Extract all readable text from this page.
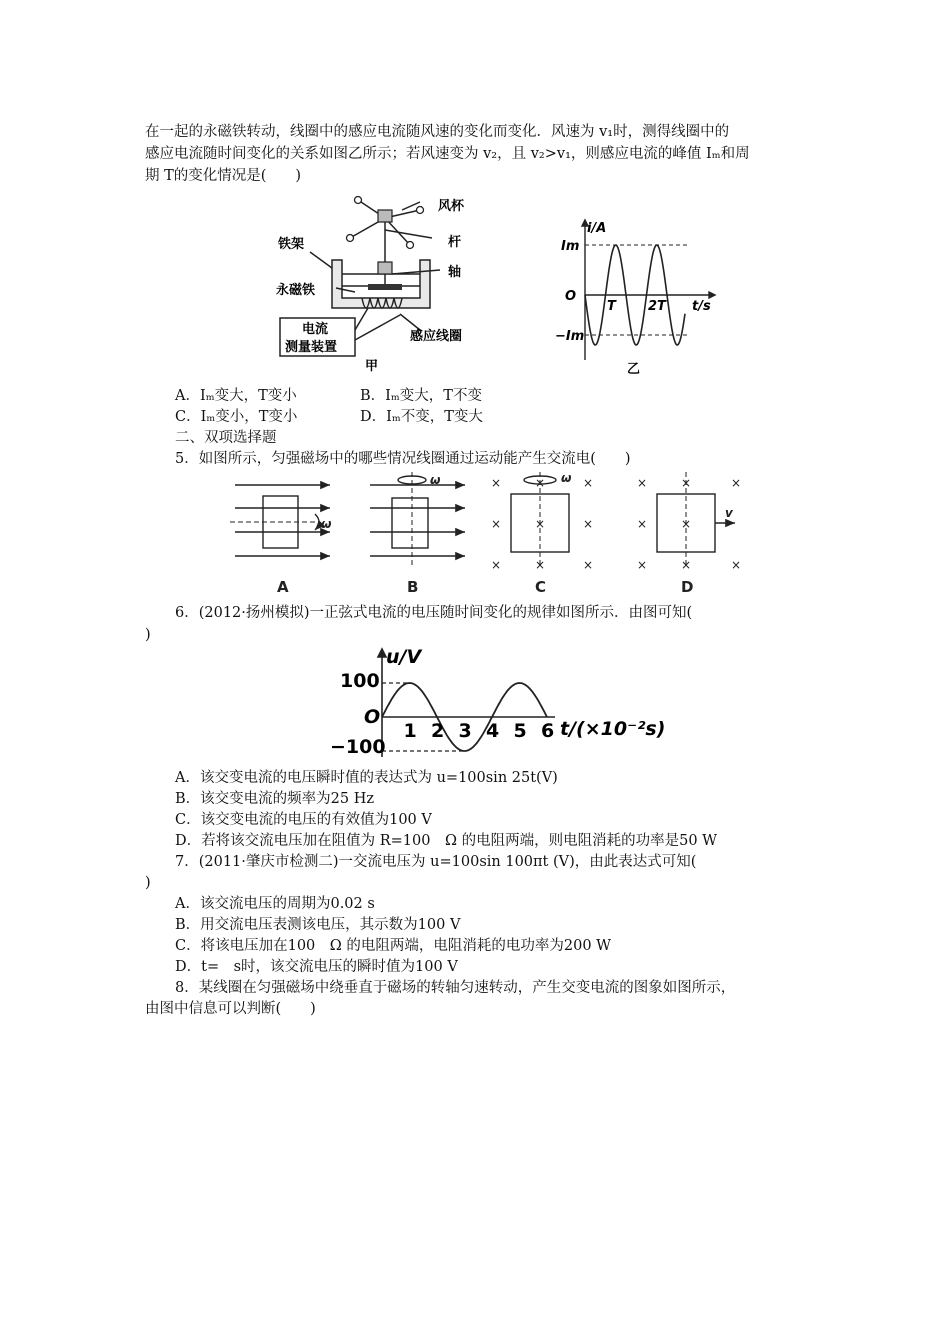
在一起的永磁铁转动，线圈中的感应电流随风速的变化而变化．风速为 v₁时，测得线圈中的
感应电流随时间变化的关系如图乙所示；若风速变为 v₂，且 v₂>v₁，则感应电流的峰值 Iₘ和周
期 T的变化情况是(　　)
风杯
杆
铁架
轴
永磁铁
感应线圈
电流
测量装置
甲
i/A
Im
−Im
O
T 2T t/s
乙
A．Iₘ变大，T变小	B．Iₘ变大，T不变
C．Iₘ变小，T变小	D．Iₘ不变，T变大
二、双项选择题
5．如图所示，匀强磁场中的哪些情况线圈通过运动能产生交流电(　　)
ω
ω	ω
v
×	×	×
×	×	×
×	×	×
×	×	×
×	×
×	×	×
A	B	C	D
6．(2012·扬州模拟)一正弦式电流的电压随时间变化的规律如图所示．由图可知(
)
u/V
100
−100
O
1 2 3 4 5 6 t/(×10⁻²s)
A．该交变电流的电压瞬时值的表达式为 u=100sin 25t(V)
B．该交变电流的频率为25 Hz
C．该交变电流的电压的有效值为100 V
D．若将该交流电压加在阻值为 R=100　Ω 的电阻两端，则电阻消耗的功率是50 W
7．(2011·肇庆市检测二)一交流电压为 u=100sin 100πt (V)，由此表达式可知(
)
A．该交流电压的周期为0.02 s
B．用交流电压表测该电压，其示数为100 V
C．将该电压加在100　Ω 的电阻两端，电阻消耗的电功率为200 W
D．t=　s时，该交流电压的瞬时值为100 V
8．某线圈在匀强磁场中绕垂直于磁场的转轴匀速转动，产生交变电流的图象如图所示，
由图中信息可以判断(　　)
